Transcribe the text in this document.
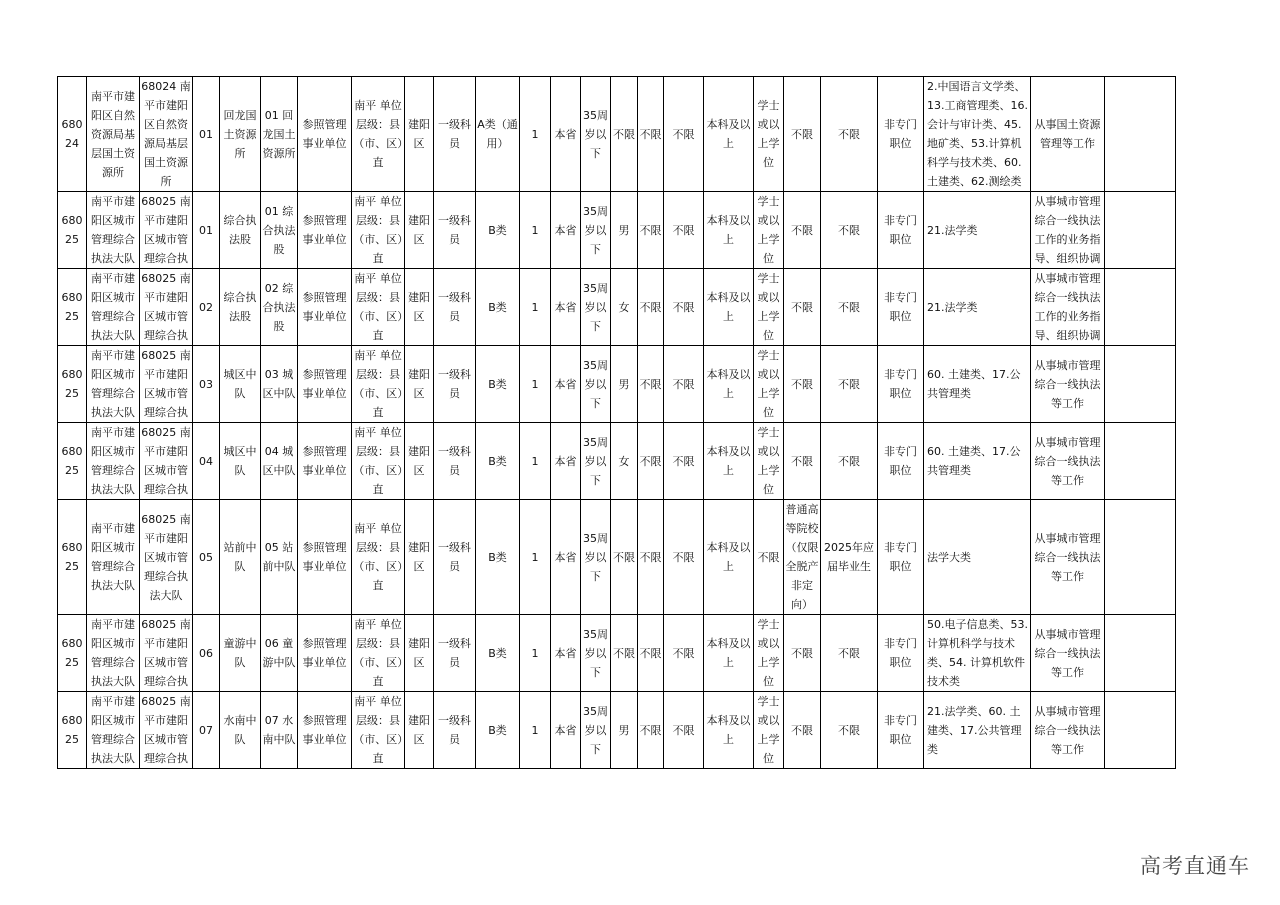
68024	南平市建阳区自然资源局基层国土资源所	68024 南平市建阳区自然资源局基层国土资源所	01	回龙国土资源所	01 回龙国土资源所	参照管理事业单位	南平 单位层级：县（市、区）直	建阳区	一级科员	A类（通用）	1	本省	35周岁以下	不限	不限	不限	本科及以上	学士或以上学位	不限	不限	非专门职位	2.中国语言文学类、13.工商管理类、16.会计与审计类、45.地矿类、53.计算机科学与技术类、60.土建类、62.测绘类	从事国土资源管理等工作	
68025	南平市建阳区城市管理综合执法大队	68025 南平市建阳区城市管理综合执	01	综合执法股	01 综合执法股	参照管理事业单位	南平 单位层级：县（市、区）直	建阳区	一级科员	B类	1	本省	35周岁以下	男	不限	不限	本科及以上	学士或以上学位	不限	不限	非专门职位	21.法学类	从事城市管理综合一线执法工作的业务指导、组织协调	
68025	南平市建阳区城市管理综合执法大队	68025 南平市建阳区城市管理综合执	02	综合执法股	02 综合执法股	参照管理事业单位	南平 单位层级：县（市、区）直	建阳区	一级科员	B类	1	本省	35周岁以下	女	不限	不限	本科及以上	学士或以上学位	不限	不限	非专门职位	21.法学类	从事城市管理综合一线执法工作的业务指导、组织协调	
68025	南平市建阳区城市管理综合执法大队	68025 南平市建阳区城市管理综合执	03	城区中队	03 城区中队	参照管理事业单位	南平 单位层级：县（市、区）直	建阳区	一级科员	B类	1	本省	35周岁以下	男	不限	不限	本科及以上	学士或以上学位	不限	不限	非专门职位	60. 土建类、17.公共管理类	从事城市管理综合一线执法等工作	
68025	南平市建阳区城市管理综合执法大队	68025 南平市建阳区城市管理综合执	04	城区中队	04 城区中队	参照管理事业单位	南平 单位层级：县（市、区）直	建阳区	一级科员	B类	1	本省	35周岁以下	女	不限	不限	本科及以上	学士或以上学位	不限	不限	非专门职位	60. 土建类、17.公共管理类	从事城市管理综合一线执法等工作	
68025	南平市建阳区城市管理综合执法大队	68025 南平市建阳区城市管理综合执法大队	05	站前中队	05 站前中队	参照管理事业单位	南平 单位层级：县（市、区）直	建阳区	一级科员	B类	1	本省	35周岁以下	不限	不限	不限	本科及以上	不限	普通高等院校（仅限全脱产非定向）	2025年应届毕业生	非专门职位	法学大类	从事城市管理综合一线执法等工作	
68025	南平市建阳区城市管理综合执法大队	68025 南平市建阳区城市管理综合执	06	童游中队	06 童游中队	参照管理事业单位	南平 单位层级：县（市、区）直	建阳区	一级科员	B类	1	本省	35周岁以下	不限	不限	不限	本科及以上	学士或以上学位	不限	不限	非专门职位	50.电子信息类、53.计算机科学与技术类、54. 计算机软件技术类	从事城市管理综合一线执法等工作	
68025	南平市建阳区城市管理综合执法大队	68025 南平市建阳区城市管理综合执	07	水南中队	07 水南中队	参照管理事业单位	南平 单位层级：县（市、区）直	建阳区	一级科员	B类	1	本省	35周岁以下	男	不限	不限	本科及以上	学士或以上学位	不限	不限	非专门职位	21.法学类、60. 土建类、17.公共管理类	从事城市管理综合一线执法等工作	
高考直通车
